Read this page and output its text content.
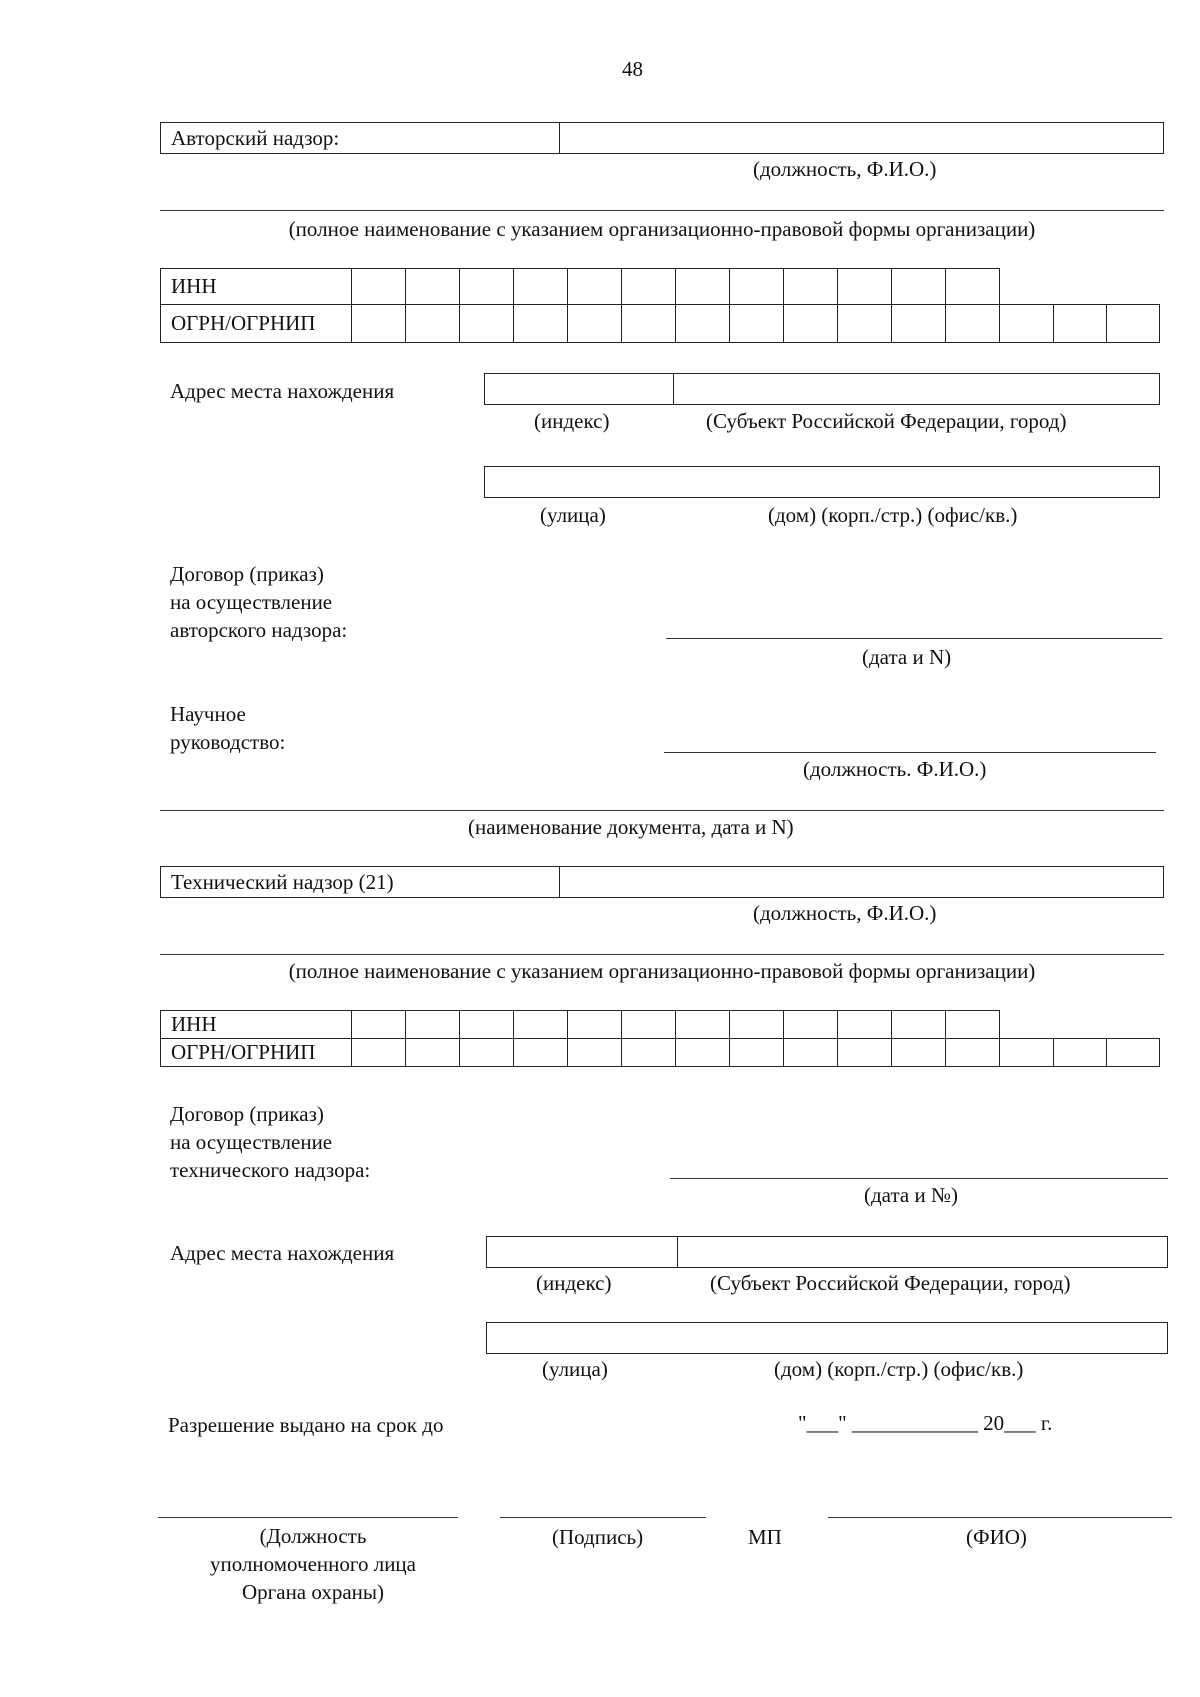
48
Авторский надзор:
(должность, Ф.И.О.)
(полное наименование с указанием организационно-правовой формы организации)
ИНН															
ОГРН/ОГРНИП															
Адрес места нахождения
(индекс)	(Субъект Российской Федерации, город)
(улица)	(дом) (корп./стр.) (офис/кв.)
Договор (приказ)
на осуществление
авторского надзора:
(дата и N)
Научное
руководство:
(должность. Ф.И.О.)
(наименование документа, дата и N)
Технический надзор (21)
(должность, Ф.И.О.)
(полное наименование с указанием организационно-правовой формы организации)
ИНН															
ОГРН/ОГРНИП															
Договор (приказ)
на осуществление
технического надзора:
(дата и №)
Адрес места нахождения
(индекс)	(Субъект Российской Федерации, город)
(улица)	(дом) (корп./стр.) (офис/кв.)
Разрешение выдано на срок до	"___" ____________ 20___ г.
(Должность
уполномоченного лица
Органа охраны)
(Подпись)	МП	(ФИО)
